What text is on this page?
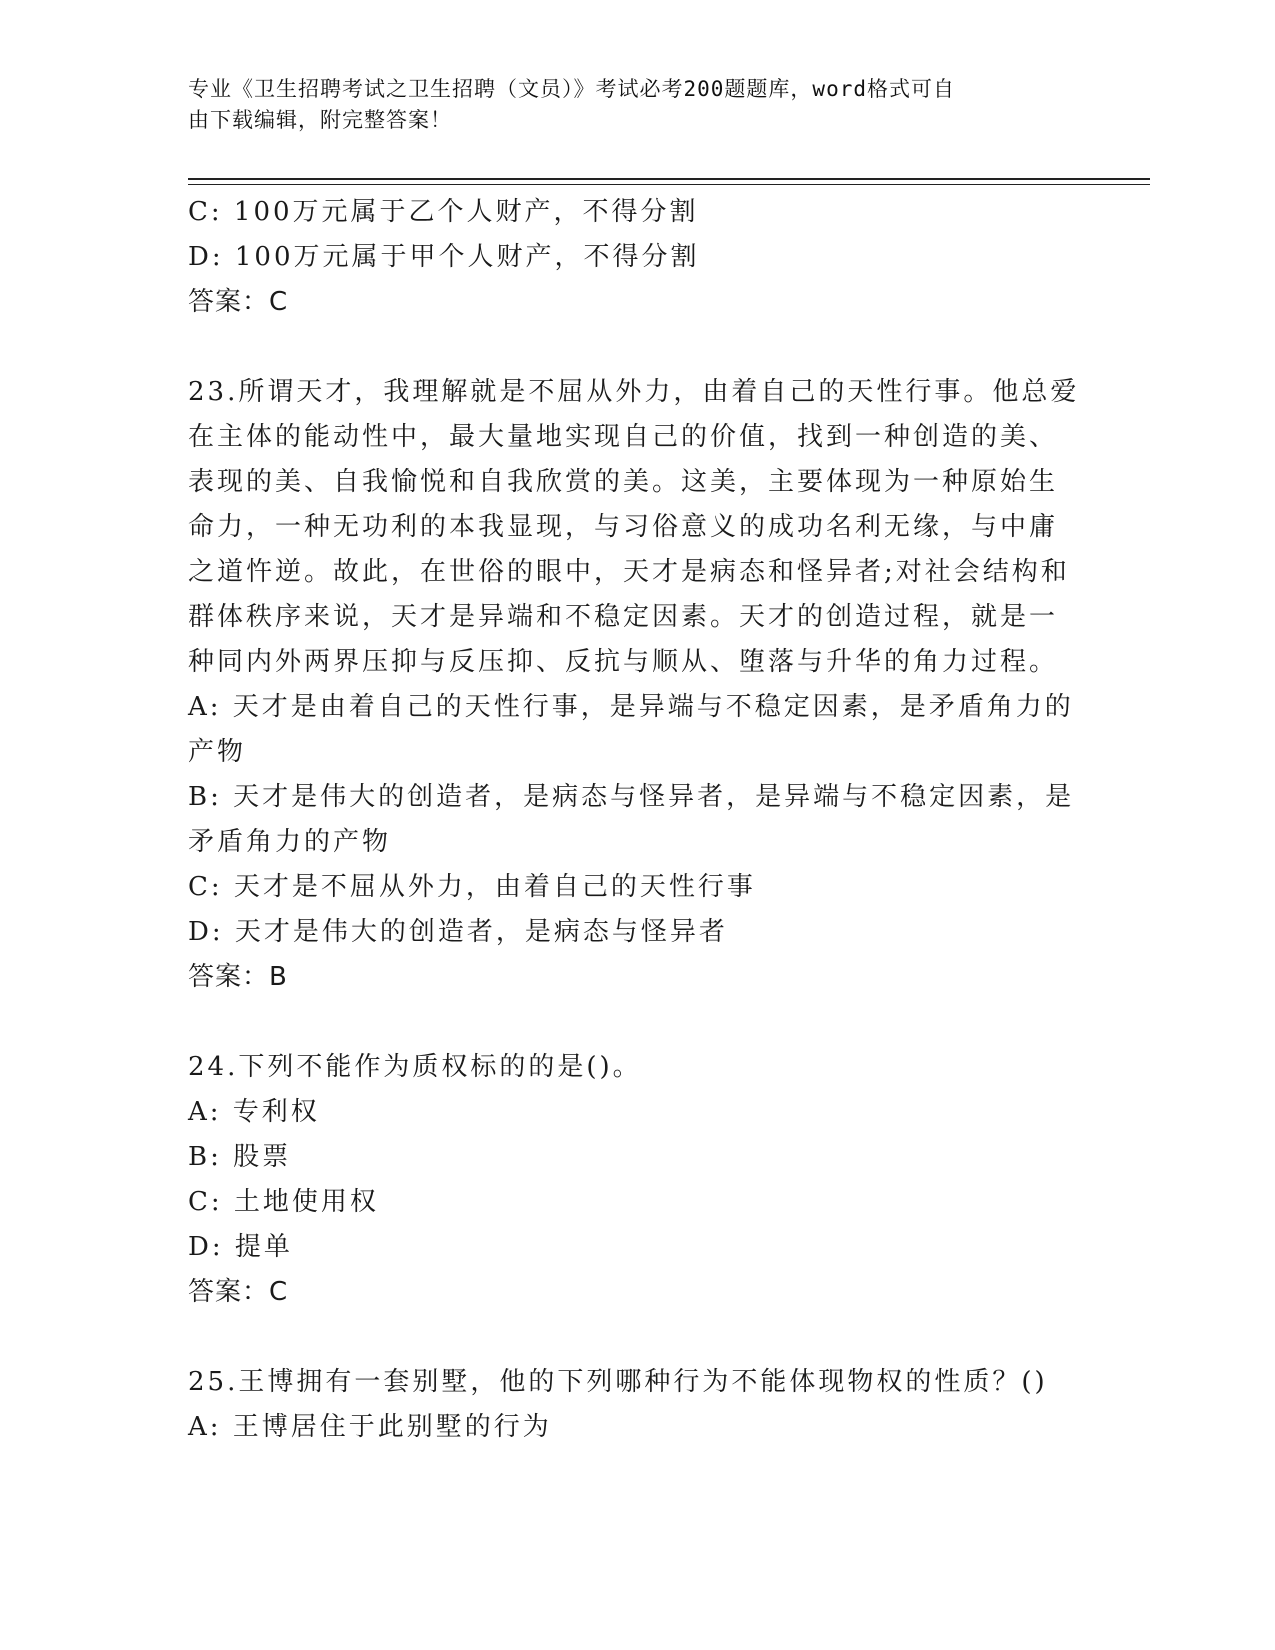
专业《卫生招聘考试之卫生招聘（文员）》考试必考200题题库，word格式可自
由下载编辑，附完整答案！
C: 100万元属于乙个人财产，不得分割
D: 100万元属于甲个人财产，不得分割
答案：C
23.所谓天才，我理解就是不屈从外力，由着自己的天性行事。他总爱
在主体的能动性中，最大量地实现自己的价值，找到一种创造的美、
表现的美、自我愉悦和自我欣赏的美。这美，主要体现为一种原始生
命力，一种无功利的本我显现，与习俗意义的成功名利无缘，与中庸
之道忤逆。故此，在世俗的眼中，天才是病态和怪异者;对社会结构和
群体秩序来说，天才是异端和不稳定因素。天才的创造过程，就是一
种同内外两界压抑与反压抑、反抗与顺从、堕落与升华的角力过程。
A: 天才是由着自己的天性行事，是异端与不稳定因素，是矛盾角力的
产物
B: 天才是伟大的创造者，是病态与怪异者，是异端与不稳定因素，是
矛盾角力的产物
C: 天才是不屈从外力，由着自己的天性行事
D: 天才是伟大的创造者，是病态与怪异者
答案：B
24.下列不能作为质权标的的是()。
A: 专利权
B: 股票
C: 土地使用权
D: 提单
答案：C
25.王博拥有一套别墅，他的下列哪种行为不能体现物权的性质？()
A: 王博居住于此别墅的行为
